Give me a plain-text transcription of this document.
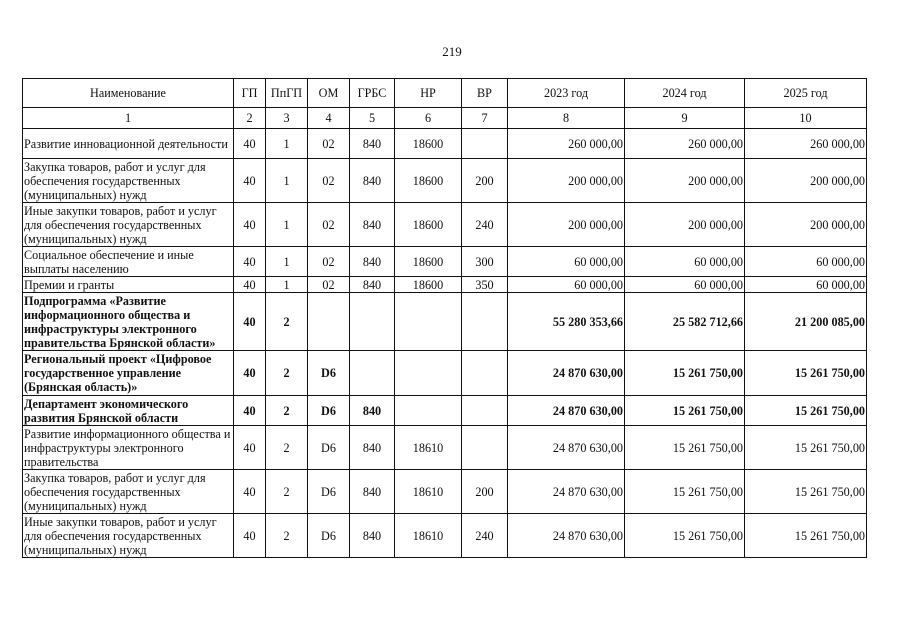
219
Наименование	ГП	ПпГП	ОМ	ГРБС	НР	ВР	2023 год	2024 год	2025 год
1	2	3	4	5	6	7	8	9	10
Развитие инновационной деятельности	40	1	02	840	18600		260 000,00	260 000,00	260 000,00
Закупка товаров, работ и услуг для обеспечения государственных (муниципальных) нужд	40	1	02	840	18600	200	200 000,00	200 000,00	200 000,00
Иные закупки товаров, работ и услуг для обеспечения государственных (муниципальных) нужд	40	1	02	840	18600	240	200 000,00	200 000,00	200 000,00
Социальное обеспечение и иные выплаты населению	40	1	02	840	18600	300	60 000,00	60 000,00	60 000,00
Премии и гранты	40	1	02	840	18600	350	60 000,00	60 000,00	60 000,00
Подпрограмма «Развитие информационного общества и инфраструктуры электронного правительства Брянской области»	40	2					55 280 353,66	25 582 712,66	21 200 085,00
Региональный проект «Цифровое государственное управление (Брянская область)»	40	2	D6				24 870 630,00	15 261 750,00	15 261 750,00
Департамент экономического развития Брянской области	40	2	D6	840			24 870 630,00	15 261 750,00	15 261 750,00
Развитие информационного общества и инфраструктуры электронного правительства	40	2	D6	840	18610		24 870 630,00	15 261 750,00	15 261 750,00
Закупка товаров, работ и услуг для обеспечения государственных (муниципальных) нужд	40	2	D6	840	18610	200	24 870 630,00	15 261 750,00	15 261 750,00
Иные закупки товаров, работ и услуг для обеспечения государственных (муниципальных) нужд	40	2	D6	840	18610	240	24 870 630,00	15 261 750,00	15 261 750,00
